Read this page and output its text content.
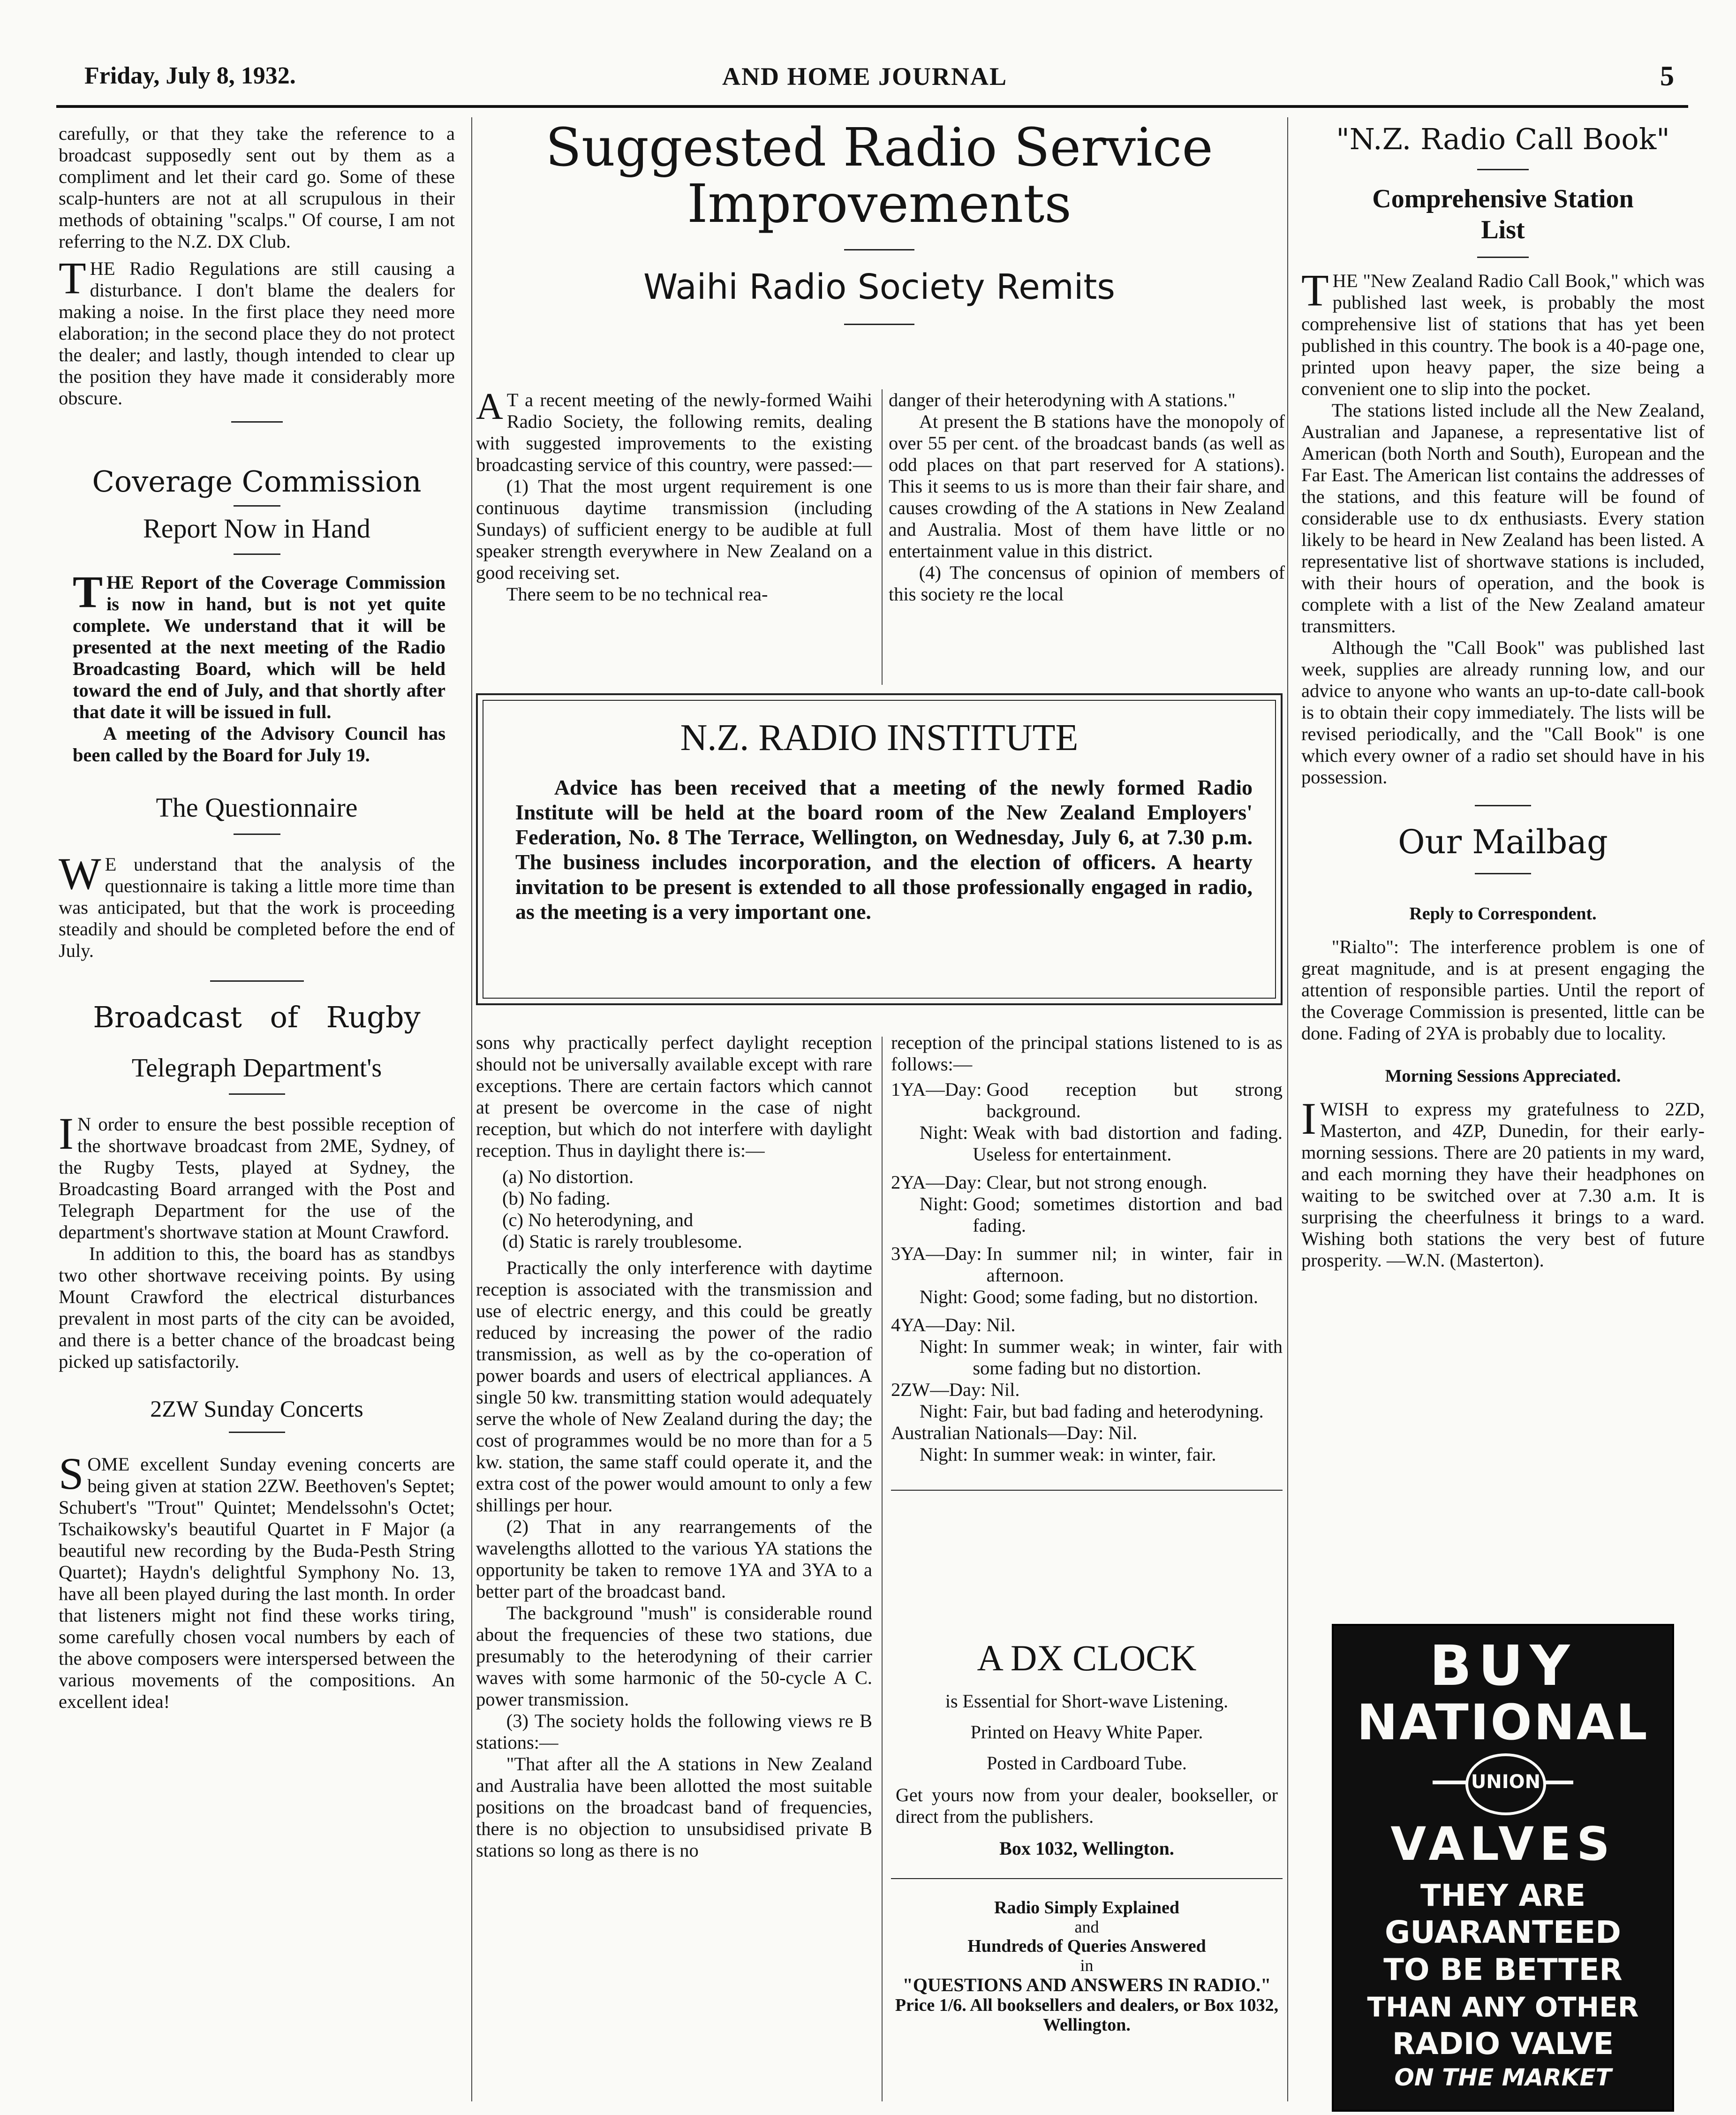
Friday, July 8, 1932.	AND HOME JOURNAL	5

carefully, or that they take the reference to a broadcast supposedly sent out by them as a compliment and let their card go. Some of these scalp-hunters are not at all scrupulous in their methods of obtaining "scalps." Of course, I am not referring to the N.Z. DX Club.

T HE Radio Regulations are still causing a disturbance. I don't blame the dealers for making a noise. In the first place they need more elaboration; in the second place they do not protect the dealer; and lastly, though intended to clear up the position they have made it considerably more obscure.

Coverage Commission
Report Now in Hand
T HE Report of the Coverage Commission is now in hand, but is not yet quite complete. We understand that it will be presented at the next meeting of the Radio Broadcasting Board, which will be held toward the end of July, and that shortly after that date it will be issued in full.

A meeting of the Advisory Council has been called by the Board for July 19.

The Questionnaire
W E understand that the analysis of the questionnaire is taking a little more time than was anticipated, but that the work is proceeding steadily and should be completed before the end of July.

Broadcast of Rugby
Telegraph Department's
I N order to ensure the best possible reception of the shortwave broadcast from 2ME, Sydney, of the Rugby Tests, played at Sydney, the Broadcasting Board arranged with the Post and Telegraph Department for the use of the department's shortwave station at Mount Crawford.

In addition to this, the board has as standbys two other shortwave receiving points. By using Mount Crawford the electrical disturbances prevalent in most parts of the city can be avoided, and there is a better chance of the broadcast being picked up satisfactorily.

2ZW Sunday Concerts
S OME excellent Sunday evening concerts are being given at station 2ZW. Beethoven's Septet; Schubert's "Trout" Quintet; Mendelssohn's Octet; Tschaikowsky's beautiful Quartet in F Major (a beautiful new recording by the Buda-Pesth String Quartet); Haydn's delightful Symphony No. 13, have all been played during the last month. In order that listeners might not find these works tiring, some carefully chosen vocal numbers by each of the above composers were interspersed between the various movements of the compositions. An excellent idea!

Suggested Radio Service Improvements
Waihi Radio Society Remits
A T a recent meeting of the newly-formed Waihi Radio Society, the following remits, dealing with suggested improvements to the existing broadcasting service of this country, were passed:—

(1) That the most urgent requirement is one continuous daytime transmission (including Sundays) of sufficient energy to be audible at full speaker strength everywhere in New Zealand on a good receiving set.

There seem to be no technical rea-

danger of their heterodyning with A stations."

At present the B stations have the monopoly of over 55 per cent. of the broadcast bands (as well as odd places on that part reserved for A stations). This it seems to us is more than their fair share, and causes crowding of the A stations in New Zealand and Australia. Most of them have little or no entertainment value in this district.

(4) The concensus of opinion of members of this society re the local

N.Z. RADIO INSTITUTE
Advice has been received that a meeting of the newly formed Radio Institute will be held at the board room of the New Zealand Employers' Federation, No. 8 The Terrace, Wellington, on Wednesday, July 6, at 7.30 p.m. The business includes incorporation, and the election of officers. A hearty invitation to be present is extended to all those professionally engaged in radio, as the meeting is a very important one.

sons why practically perfect daylight reception should not be universally available except with rare exceptions. There are certain factors which cannot at present be overcome in the case of night reception, but which do not interfere with daylight reception. Thus in daylight there is:—

(a) No distortion.
(b) No fading.
(c) No heterodyning, and
(d) Static is rarely troublesome.

Practically the only interference with daytime reception is associated with the transmission and use of electric energy, and this could be greatly reduced by increasing the power of the radio transmission, as well as by the co-operation of power boards and users of electrical appliances. A single 50 kw. transmitting station would adequately serve the whole of New Zealand during the day; the cost of programmes would be no more than for a 5 kw. station, the same staff could operate it, and the extra cost of the power would amount to only a few shillings per hour.

(2) That in any rearrangements of the wavelengths allotted to the various YA stations the opportunity be taken to remove 1YA and 3YA to a better part of the broadcast band.

The background "mush" is considerable round about the frequencies of these two stations, due presumably to the heterodyning of their carrier waves with some harmonic of the 50-cycle A C. power transmission.

(3) The society holds the following views re B stations:—

"That after all the A stations in New Zealand and Australia have been allotted the most suitable positions on the broadcast band of frequencies, there is no objection to unsubsidised private B stations so long as there is no

reception of the principal stations listened to is as follows:—
1YA—Day: Good reception but strong background.
Night: Weak with bad distortion and fading. Useless for entertainment.
2YA—Day: Clear, but not strong enough.
Night: Good; sometimes distortion and bad fading.
3YA—Day: In summer nil; in winter, fair in afternoon.
Night: Good; some fading, but no distortion.
4YA—Day: Nil.
Night: In summer weak; in winter, fair with some fading but no distortion.
2ZW—Day: Nil.
Night: Fair, but bad fading and heterodyning.
Australian Nationals—Day: Nil.
Night: In summer weak: in winter, fair.
A DX CLOCK
is Essential for Short-wave Listening.
Printed on Heavy White Paper.
Posted in Cardboard Tube.
Get yours now from your dealer, bookseller, or direct from the publishers.
Box 1032, Wellington.
Radio Simply Explained
and
Hundreds of Queries Answered
in
"QUESTIONS AND ANSWERS IN RADIO."
Price 1/6. All booksellers and dealers, or Box 1032, Wellington.
"N.Z. Radio Call Book"
Comprehensive Station List
T HE "New Zealand Radio Call Book," which was published last week, is probably the most comprehensive list of stations that has yet been published in this country. The book is a 40-page one, printed upon heavy paper, the size being a convenient one to slip into the pocket.

The stations listed include all the New Zealand, Australian and Japanese, a representative list of American (both North and South), European and the Far East. The American list contains the addresses of the stations, and this feature will be found of considerable use to dx enthusiasts. Every station likely to be heard in New Zealand has been listed. A representative list of shortwave stations is included, with their hours of operation, and the book is complete with a list of the New Zealand amateur transmitters.

Although the "Call Book" was published last week, supplies are already running low, and our advice to anyone who wants an up-to-date call-book is to obtain their copy immediately. The lists will be revised periodically, and the "Call Book" is one which every owner of a radio set should have in his possession.

Our Mailbag
Reply to Correspondent.
"Rialto": The interference problem is one of great magnitude, and is at present engaging the attention of responsible parties. Until the report of the Coverage Commission is presented, little can be done. Fading of 2YA is probably due to locality.
Morning Sessions Appreciated.
I WISH to express my gratefulness to 2ZD, Masterton, and 4ZP, Dunedin, for their early-morning sessions. There are 20 patients in my ward, and each morning they have their headphones on waiting to be switched over at 7.30 a.m. It is surprising the cheerfulness it brings to a ward. Wishing both stations the very best of future prosperity. —W.N. (Masterton).

BUY
NATIONAL
UNION
VALVES
THEY ARE
GUARANTEED
TO BE BETTER
THAN ANY OTHER
RADIO VALVE
ON THE MARKET
